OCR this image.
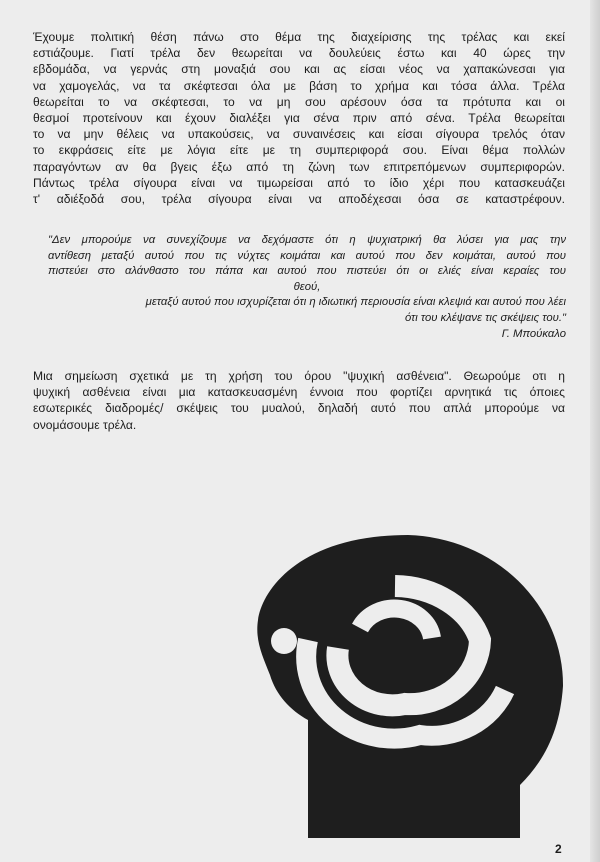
Έχουμε πολιτική θέση πάνω στο θέμα της διαχείρισης της τρέλας και εκεί
εστιάζουμε. Γιατί τρέλα δεν θεωρείται να δουλεύεις έστω και 40 ώρες την
εβδομάδα, να γερνάς στη μοναξιά σου και ας είσαι νέος να χαπακώνεσαι για
να χαμογελάς, να τα σκέφτεσαι όλα με βάση το χρήμα και τόσα άλλα. Τρέλα
θεωρείται το να σκέφτεσαι, το να μη σου αρέσουν όσα τα πρότυπα και οι
θεσμοί προτείνουν και έχουν διαλέξει για σένα πριν από σένα. Τρέλα θεωρείται
το να μην θέλεις να υπακούσεις, να συναινέσεις και είσαι σίγουρα τρελός όταν
το εκφράσεις είτε με λόγια είτε με τη συμπεριφορά σου. Είναι θέμα πολλών
παραγόντων αν θα βγεις έξω από τη ζώνη των επιτρεπόμενων συμπεριφορών.
Πάντως τρέλα σίγουρα είναι να τιμωρείσαι από το ίδιο χέρι που κατασκευάζει
τ' αδιέξοδά σου, τρέλα σίγουρα είναι να αποδέχεσαι όσα σε καταστρέφουν.
"Δεν μπορούμε να συνεχίζουμε να δεχόμαστε ότι η ψυχιατρική θα λύσει για μας την
αντίθεση μεταξύ αυτού που τις νύχτες κοιμάται και αυτού που δεν κοιμάται, αυτού που
πιστεύει στο αλάνθαστο του πάπα και αυτού που πιστεύει ότι οι ελιές είναι κεραίες του
θεού,
μεταξύ αυτού που ισχυρίζεται ότι η ιδιωτική περιουσία είναι κλεψιά και αυτού που λέει
ότι του κλέψανε τις σκέψεις του."
Γ. Μπούκαλο
Μια σημείωση σχετικά με τη χρήση του όρου "ψυχική ασθένεια". Θεωρούμε οτι η
ψυχική ασθένεια είναι μια κατασκευασμένη έννοια που φορτίζει αρνητικά τις όποιες
εσωτερικές διαδρομές/ σκέψεις του μυαλού, δηλαδή αυτό που απλά μπορούμε να
ονομάσουμε τρέλα.
2
